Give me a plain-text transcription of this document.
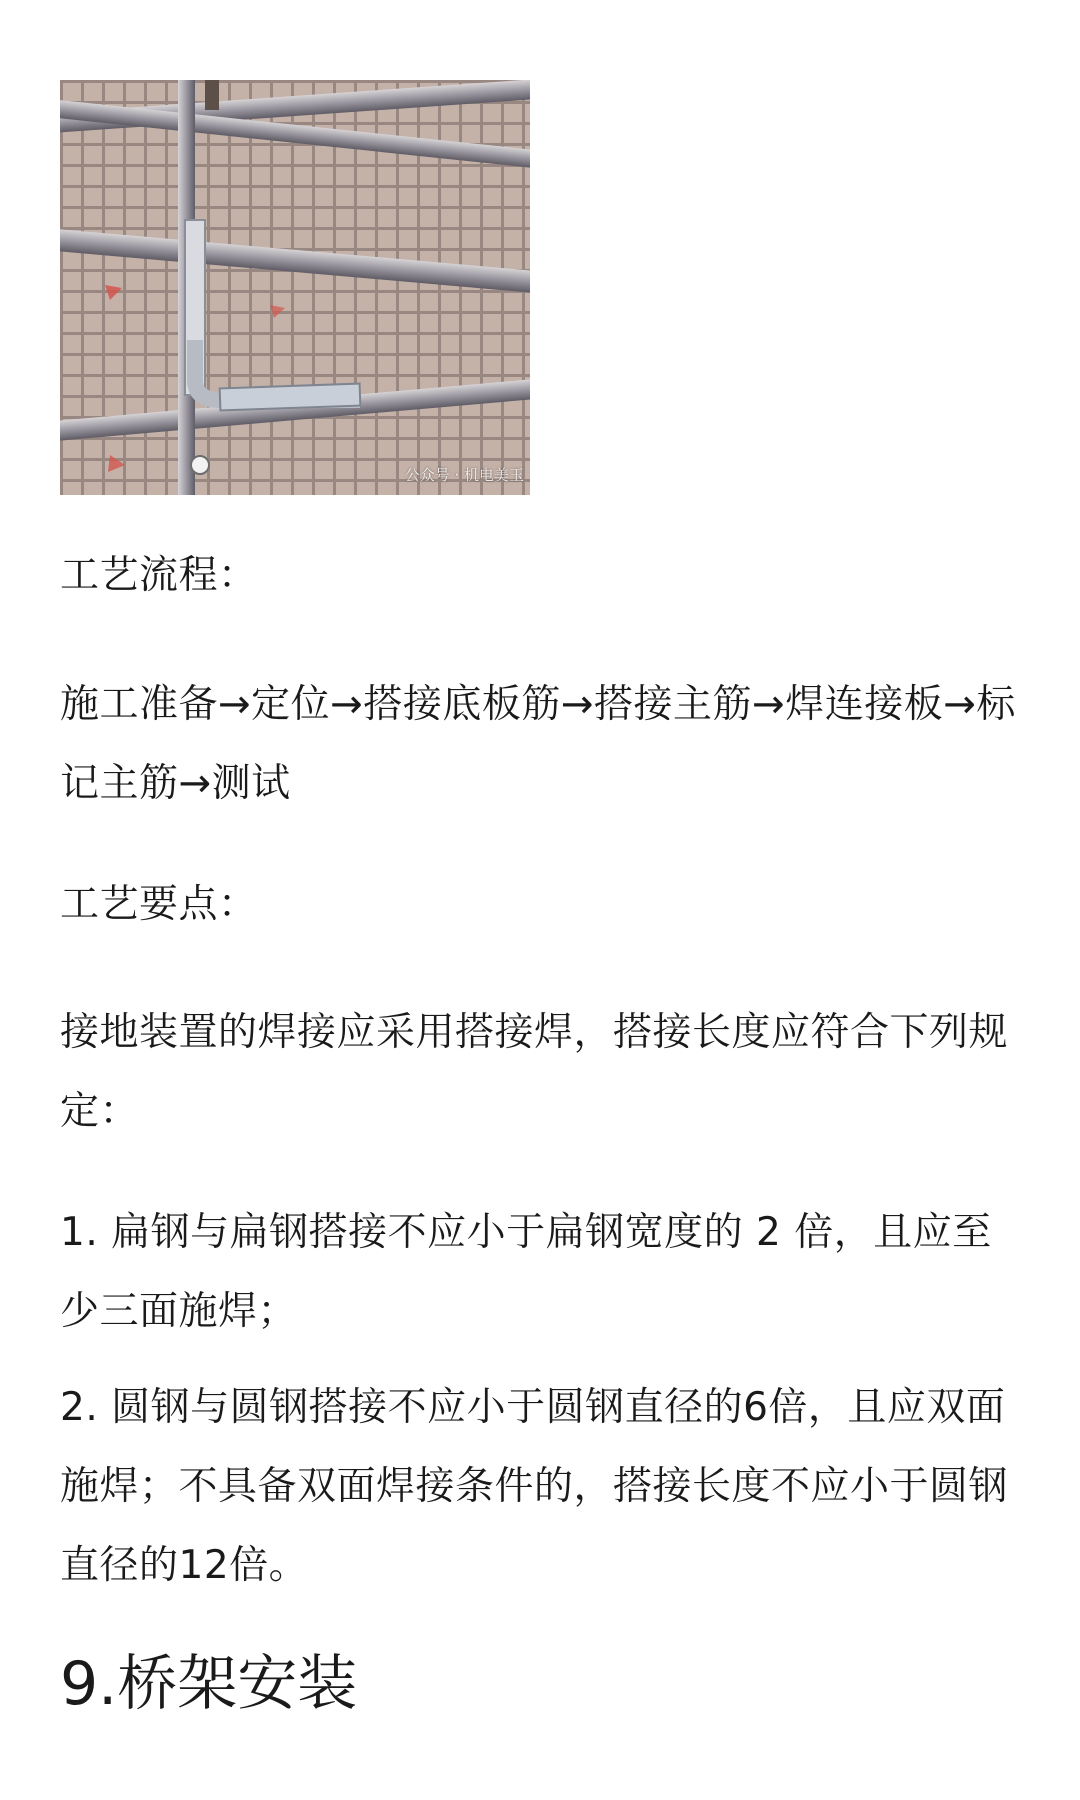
公众号 · 机电美玉

工艺流程：

施工准备→定位→搭接底板筋→搭接主筋→焊连接板→标记主筋→测试

工艺要点：

接地装置的焊接应采用搭接焊，搭接长度应符合下列规定：

1. 扁钢与扁钢搭接不应小于扁钢宽度的 2 倍，且应至少三面施焊；

2. 圆钢与圆钢搭接不应小于圆钢直径的6倍，且应双面施焊；不具备双面焊接条件的，搭接长度不应小于圆钢直径的12倍。

9.桥架安装
